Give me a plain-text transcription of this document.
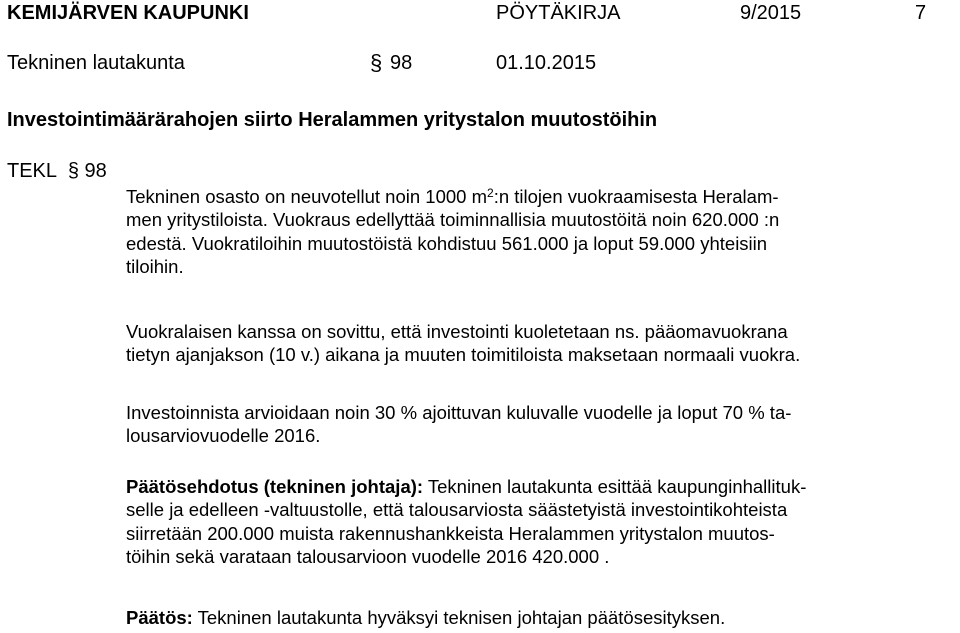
KEMIJÄRVEN KAUPUNKI	PÖYTÄKIRJA	9/2015	7
Tekninen lautakunta	§ 98	01.10.2015
Investointimäärärahojen siirto Heralammen yritystalon muutostöihin
TEKL § 98

Tekninen osasto on neuvotellut noin 1000 $m^2:n$ tilojen vuokraamisesta Heralam-

men yritystiloista. Vuokraus edellyttää toiminnallisia muutostöitä noin 620.000 :n

edestä. Vuokratiloihin muutostöistä kohdistuu 561.000 ja loput 59.000 yhteisiin

tiloihin.

Vuokralaisen kanssa on sovittu, että investointi kuoletetaan ns. pääomavuokrana

tietyn ajanjakson (10 v.) aikana ja muuten toimitiloista maksetaan normaali vuokra.

Investoinnista arvioidaan noin 30 % ajoittuvan kuluvalle vuodelle ja loput 70 % ta-

lousarviovuodelle 2016.

Päätösehdotus (tekninen johtaja): Tekninen lautakunta esittää kaupunginhallituk-

selle ja edelleen -valtuustolle, että talousarviosta säästetyistä investointikohteista

siirretään 200.000 muista rakennushankkeista Heralammen yritystalon muutos-

töihin sekä varataan talousarvioon vuodelle 2016 420.000 .

Päätös: Tekninen lautakunta hyväksyi teknisen johtajan päätösesityksen.
